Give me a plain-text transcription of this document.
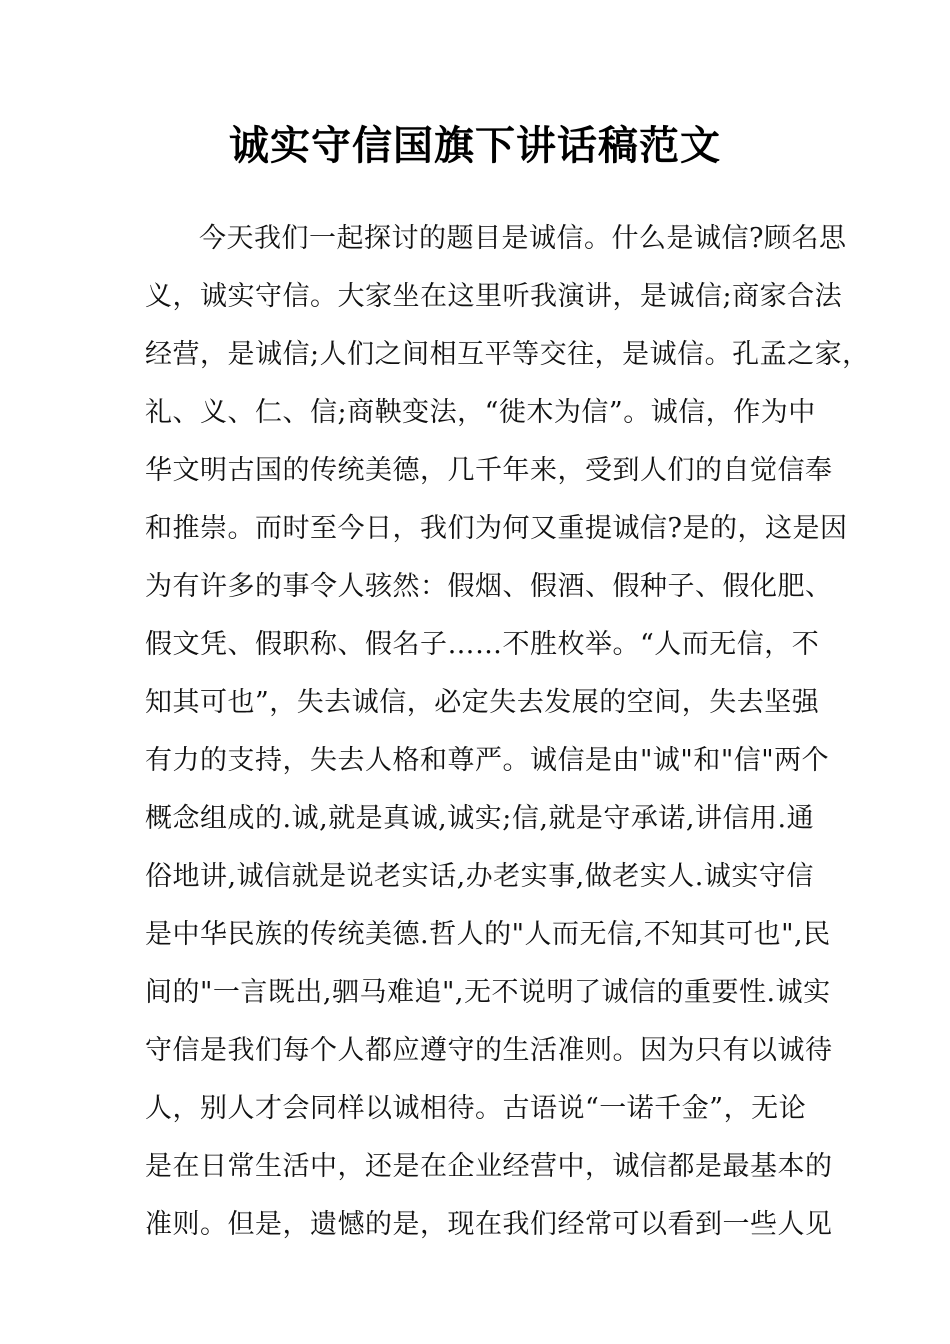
诚实守信国旗下讲话稿范文
今天我们一起探讨的题目是诚信。什么是诚信?顾名思
义，诚实守信。大家坐在这里听我演讲，是诚信;商家合法
经营，是诚信;人们之间相互平等交往，是诚信。孔孟之家，
礼、义、仁、信;商鞅变法，“徙木为信”。诚信，作为中
华文明古国的传统美德，几千年来，受到人们的自觉信奉
和推崇。而时至今日，我们为何又重提诚信?是的，这是因
为有许多的事令人骇然：假烟、假酒、假种子、假化肥、
假文凭、假职称、假名子……不胜枚举。“人而无信，不
知其可也”，失去诚信，必定失去发展的空间，失去坚强
有力的支持，失去人格和尊严。诚信是由"诚"和"信"两个
概念组成的.诚,就是真诚,诚实;信,就是守承诺,讲信用.通
俗地讲,诚信就是说老实话,办老实事,做老实人.诚实守信
是中华民族的传统美德.哲人的"人而无信,不知其可也",民
间的"一言既出,驷马难追",无不说明了诚信的重要性.诚实
守信是我们每个人都应遵守的生活准则。因为只有以诚待
人，别人才会同样以诚相待。古语说“一诺千金”，无论
是在日常生活中，还是在企业经营中，诚信都是最基本的
准则。但是，遗憾的是，现在我们经常可以看到一些人见
